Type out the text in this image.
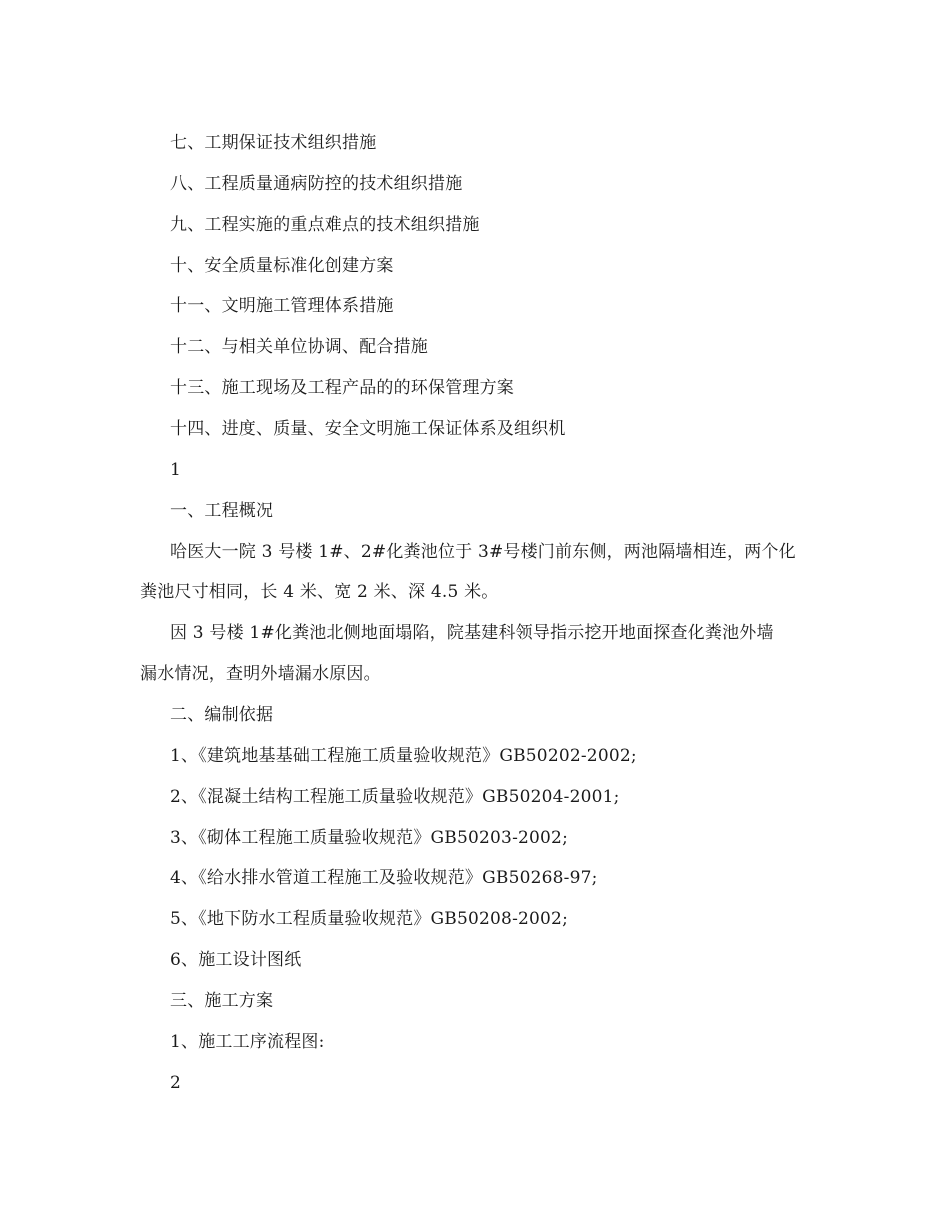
七、工期保证技术组织措施
八、工程质量通病防控的技术组织措施
九、工程实施的重点难点的技术组织措施
十、安全质量标准化创建方案
十一、文明施工管理体系措施
十二、与相关单位协调、配合措施
十三、施工现场及工程产品的的环保管理方案
十四、进度、质量、安全文明施工保证体系及组织机
1
一、工程概况
哈医大一院 3 号楼 1#、2#化粪池位于 3#号楼门前东侧，两池隔墙相连，两个化
粪池尺寸相同，长 4 米、宽 2 米、深 4.5 米。
因 3 号楼 1#化粪池北侧地面塌陷，院基建科领导指示挖开地面探查化粪池外墙
漏水情况，查明外墙漏水原因。
二、编制依据
1、《建筑地基基础工程施工质量验收规范》GB50202-2002;
2、《混凝土结构工程施工质量验收规范》GB50204-2001;
3、《砌体工程施工质量验收规范》GB50203-2002;
4、《给水排水管道工程施工及验收规范》GB50268-97;
5、《地下防水工程质量验收规范》GB50208-2002;
6、施工设计图纸
三、施工方案
1、施工工序流程图:
2
